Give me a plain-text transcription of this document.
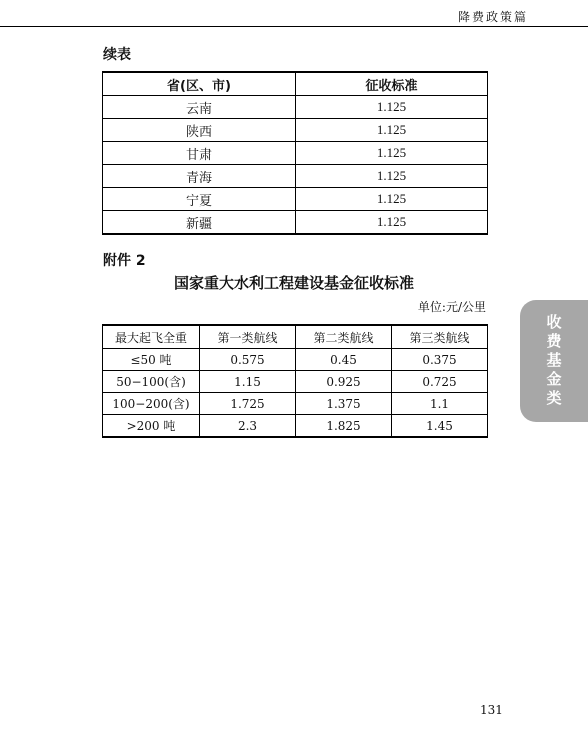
降费政策篇
续表
省(区、市)	征收标准
云南	1.125
陕西	1.125
甘肃	1.125
青海	1.125
宁夏	1.125
新疆	1.125
附件 2
国家重大水利工程建设基金征收标准
单位:元/公里
最大起飞全重	第一类航线	第二类航线	第三类航线
≤50 吨	0.575	0.45	0.375
50−100(含)	1.15	0.925	0.725
100−200(含)	1.725	1.375	1.1
>200 吨	2.3	1.825	1.45
收费基金类
131
